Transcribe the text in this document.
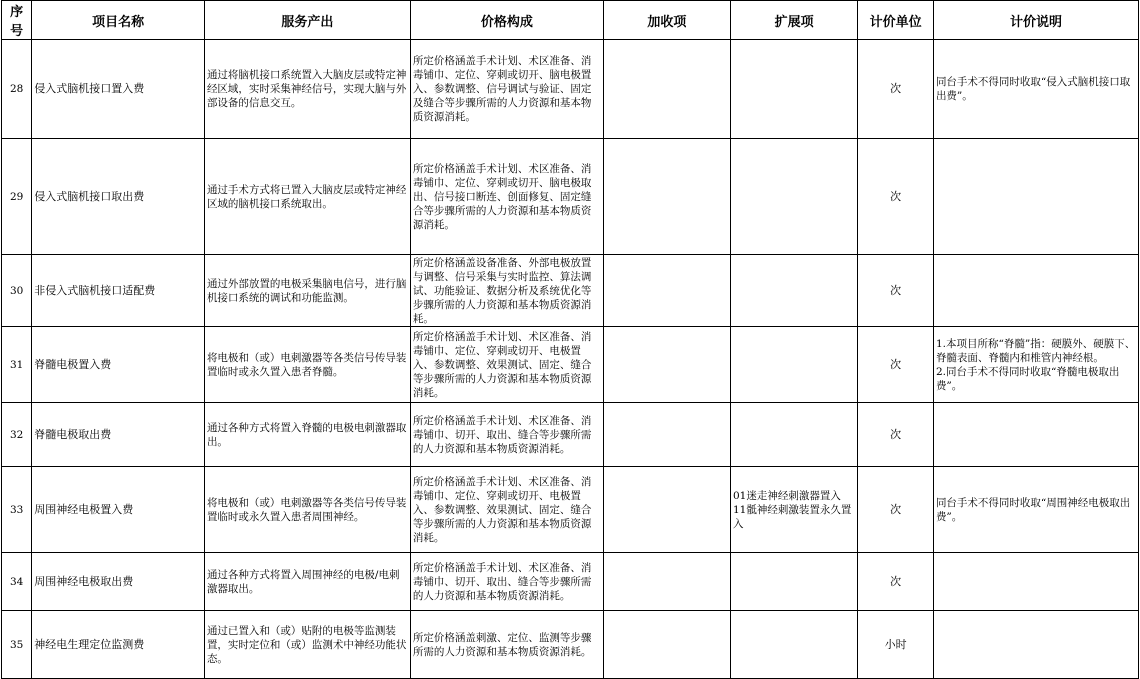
序号	项目名称	服务产出	价格构成	加收项	扩展项	计价单位	计价说明
28	侵入式脑机接口置入费	通过将脑机接口系统置入大脑皮层或特定神经区域，实时采集神经信号，实现大脑与外部设备的信息交互。	所定价格涵盖手术计划、术区准备、消毒铺巾、定位、穿刺或切开、脑电极置入、参数调整、信号调试与验证、固定及缝合等步骤所需的人力资源和基本物质资源消耗。			次	同台手术不得同时收取“侵入式脑机接口取出费”。
29	侵入式脑机接口取出费	通过手术方式将已置入大脑皮层或特定神经区域的脑机接口系统取出。	所定价格涵盖手术计划、术区准备、消毒铺巾、定位、穿刺或切开、脑电极取出、信号接口断连、创面修复、固定缝合等步骤所需的人力资源和基本物质资源消耗。			次	
30	非侵入式脑机接口适配费	通过外部放置的电极采集脑电信号，进行脑机接口系统的调试和功能监测。	所定价格涵盖设备准备、外部电极放置与调整、信号采集与实时监控、算法调试、功能验证、数据分析及系统优化等步骤所需的人力资源和基本物质资源消耗。			次	
31	脊髓电极置入费	将电极和（或）电刺激器等各类信号传导装置临时或永久置入患者脊髓。	所定价格涵盖手术计划、术区准备、消毒铺巾、定位、穿刺或切开、电极置入、参数调整、效果测试、固定、缝合等步骤所需的人力资源和基本物质资源消耗。			次	1.本项目所称“脊髓”指：硬膜外、硬膜下、脊髓表面、脊髓内和椎管内神经根。
2.同台手术不得同时收取“脊髓电极取出费”。
32	脊髓电极取出费	通过各种方式将置入脊髓的电极电刺激器取出。	所定价格涵盖手术计划、术区准备、消毒铺巾、切开、取出、缝合等步骤所需的人力资源和基本物质资源消耗。			次	
33	周围神经电极置入费	将电极和（或）电刺激器等各类信号传导装置临时或永久置入患者周围神经。	所定价格涵盖手术计划、术区准备、消毒铺巾、定位、穿刺或切开、电极置入、参数调整、效果测试、固定、缝合等步骤所需的人力资源和基本物质资源消耗。		01迷走神经刺激器置入
11骶神经刺激装置永久置入	次	同台手术不得同时收取“周围神经电极取出费”。
34	周围神经电极取出费	通过各种方式将置入周围神经的电极/电刺激器取出。	所定价格涵盖手术计划、术区准备、消毒铺巾、切开、取出、缝合等步骤所需的人力资源和基本物质资源消耗。			次	
35	神经电生理定位监测费	通过已置入和（或）贴附的电极等监测装置，实时定位和（或）监测术中神经功能状态。	所定价格涵盖刺激、定位、监测等步骤所需的人力资源和基本物质资源消耗。			小时	
